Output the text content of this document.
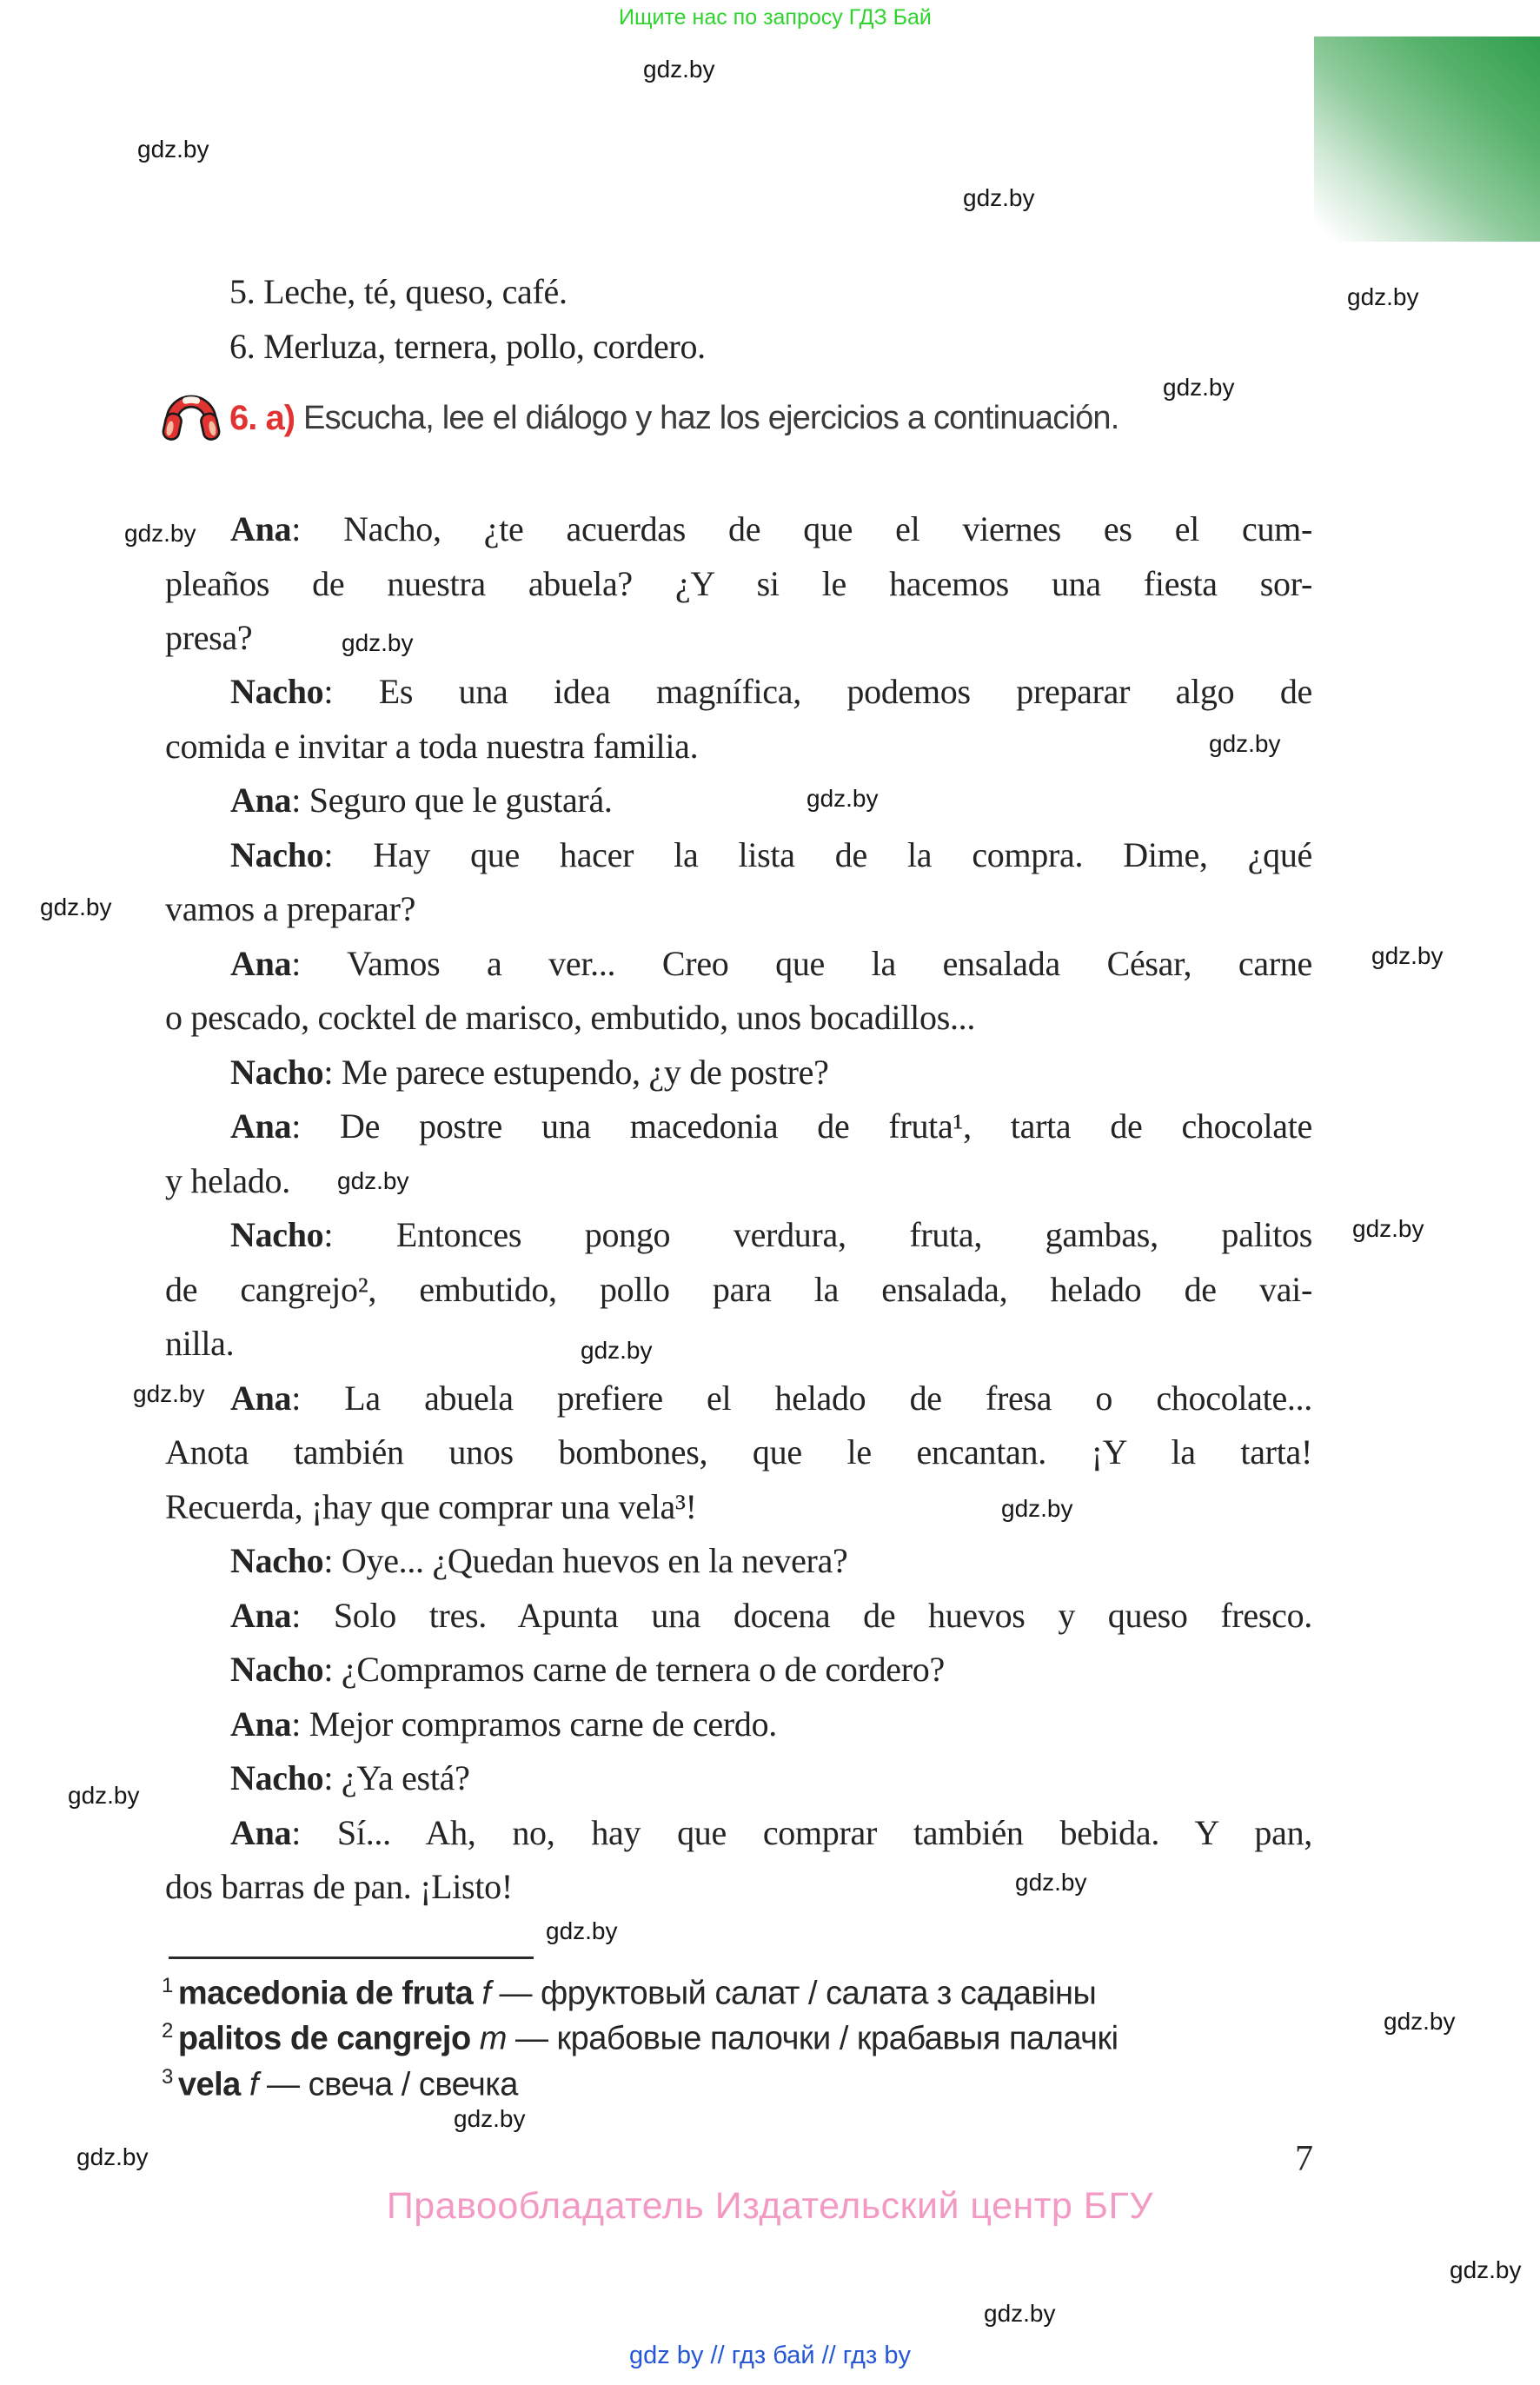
Ищите нас по запросу ГДЗ Бай
gdz.by
gdz.by
gdz.by
gdz.by
gdz.by
gdz.by
gdz.by
gdz.by
gdz.by
gdz.by
gdz.by
gdz.by
gdz.by
gdz.by
gdz.by
gdz.by
gdz.by
gdz.by
gdz.by
gdz.by
gdz.by
gdz.by
gdz.by
gdz.by
5. Leche, té, queso, café.
6. Merluza, ternera, pollo, cordero.
6. a) Escucha, lee el diálogo y haz los ejercicios a continuación.
Ana: Nacho, ¿te acuerdas de que el viernes es el cum-
pleaños de nuestra abuela? ¿Y si le hacemos una fiesta sor-
presa?
Nacho: Es una idea magnífica, podemos preparar algo de
comida e invitar a toda nuestra familia.
Ana: Seguro que le gustará.
Nacho: Hay que hacer la lista de la compra. Dime, ¿qué
vamos a preparar?
Ana: Vamos a ver... Creo que la ensalada César, carne
o pescado, cocktel de marisco, embutido, unos bocadillos...
Nacho: Me parece estupendo, ¿y de postre?
Ana: De postre una macedonia de fruta¹, tarta de chocolate
y helado.
Nacho: Entonces pongo verdura, fruta, gambas, palitos
de cangrejo², embutido, pollo para la ensalada, helado de vai-
nilla.
Ana: La abuela prefiere el helado de fresa o chocolate...
Anota también unos bombones, que le encantan. ¡Y la tarta!
Recuerda, ¡hay que comprar una vela³!
Nacho: Oye... ¿Quedan huevos en la nevera?
Ana: Solo tres. Apunta una docena de huevos y queso fresco.
Nacho: ¿Compramos carne de ternera o de cordero?
Ana: Mejor compramos carne de cerdo.
Nacho: ¿Ya está?
Ana: Sí... Ah, no, hay que comprar también bebida. Y pan,
dos barras de pan. ¡Listo!
$^1$ macedonia de fruta f — фруктовый салат / салата з садавіны
$^2$ palitos de cangrejo m — крабовые палочки / крабавыя палачкі
$^3$ vela f — свеча / свечка
7
Правообладатель Издательский центр БГУ
gdz by // гдз бай // гдз by
